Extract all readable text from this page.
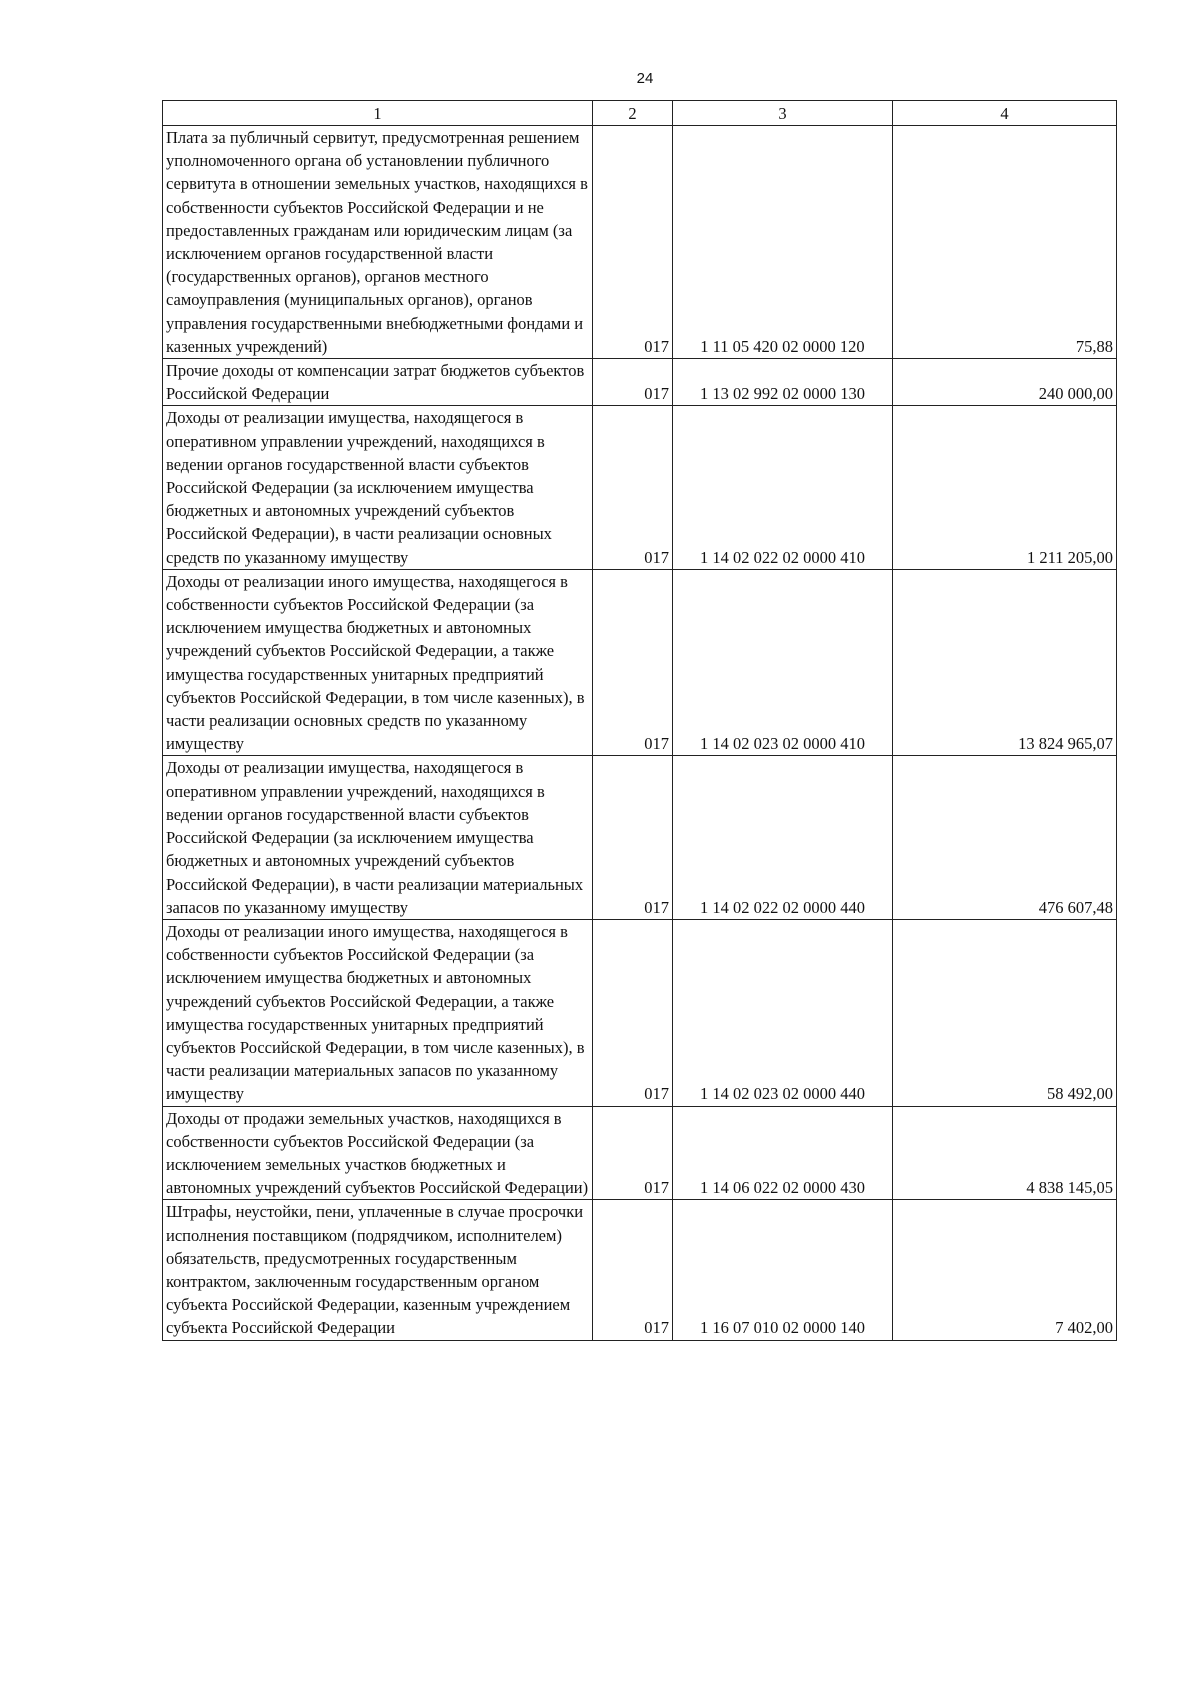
24
1	2	3	4
Плата за публичный сервитут, предусмотренная решением уполномоченного органа об установлении публичного сервитута в отношении земельных участков, находящихся в собственности субъектов Российской Федерации и не предоставленных гражданам или юридическим лицам (за исключением органов государственной власти (государственных органов), органов местного самоуправления (муниципальных органов), органов управления государственными внебюджетными фондами и казенных учреждений)	017	1 11 05 420 02 0000 120	75,88
Прочие доходы от компенсации затрат бюджетов субъектов Российской Федерации	017	1 13 02 992 02 0000 130	240 000,00
Доходы от реализации имущества, находящегося в оперативном управлении учреждений, находящихся в ведении органов государственной власти субъектов Российской Федерации (за исключением имущества бюджетных и автономных учреждений субъектов Российской Федерации), в части реализации основных средств по указанному имуществу	017	1 14 02 022 02 0000 410	1 211 205,00
Доходы от реализации иного имущества, находящегося в собственности субъектов Российской Федерации (за исключением имущества бюджетных и автономных учреждений субъектов Российской Федерации, а также имущества государственных унитарных предприятий субъектов Российской Федерации, в том числе казенных), в части реализации основных средств по указанному имуществу	017	1 14 02 023 02 0000 410	13 824 965,07
Доходы от реализации имущества, находящегося в оперативном управлении учреждений, находящихся в ведении органов государственной власти субъектов Российской Федерации (за исключением имущества бюджетных и автономных учреждений субъектов Российской Федерации), в части реализации материальных запасов по указанному имуществу	017	1 14 02 022 02 0000 440	476 607,48
Доходы от реализации иного имущества, находящегося в собственности субъектов Российской Федерации (за исключением имущества бюджетных и автономных учреждений субъектов Российской Федерации, а также имущества государственных унитарных предприятий субъектов Российской Федерации, в том числе казенных), в части реализации материальных запасов по указанному имуществу	017	1 14 02 023 02 0000 440	58 492,00
Доходы от продажи земельных участков, находящихся в собственности субъектов Российской Федерации (за исключением земельных участков бюджетных и автономных учреждений субъектов Российской Федерации)	017	1 14 06 022 02 0000 430	4 838 145,05
Штрафы, неустойки, пени, уплаченные в случае просрочки исполнения поставщиком (подрядчиком, исполнителем) обязательств, предусмотренных государственным контрактом, заключенным государственным органом субъекта Российской Федерации, казенным учреждением субъекта Российской Федерации	017	1 16 07 010 02 0000 140	7 402,00
